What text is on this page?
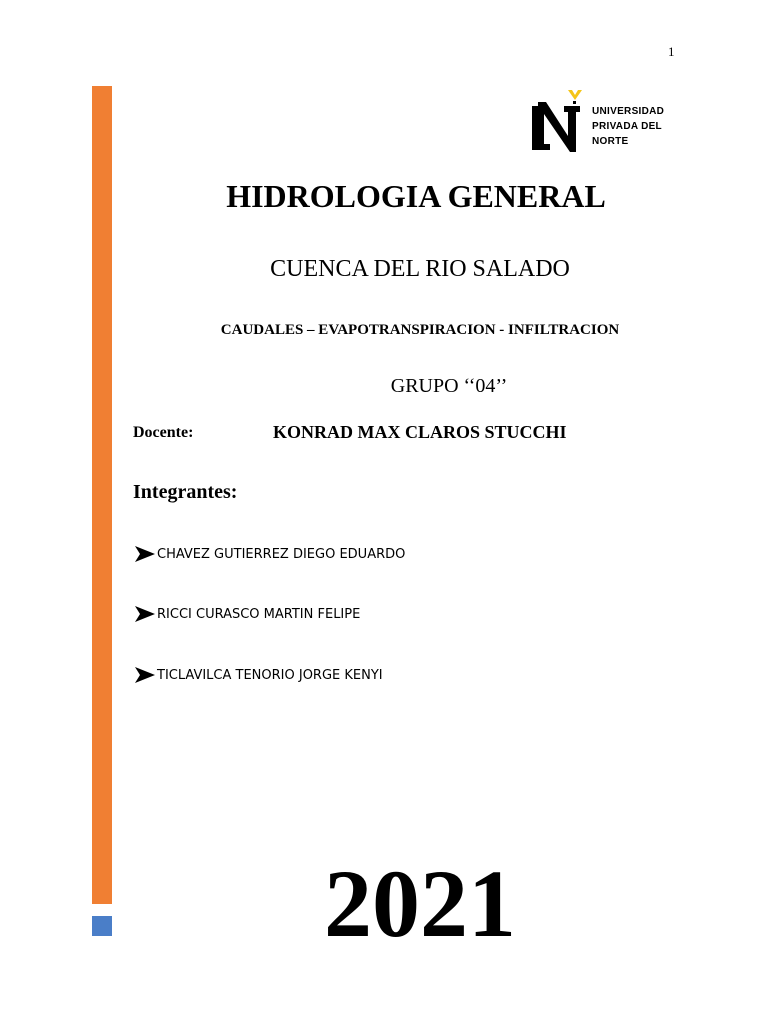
1
UNIVERSIDAD
PRIVADA DEL
NORTE
HIDROLOGIA GENERAL

CUENCA DEL RIO SALADO

CAUDALES – EVAPOTRANSPIRACION - INFILTRACION

GRUPO ‘‘04’’

Docente:	KONRAD MAX CLAROS STUCCHI
Integrantes:
CHAVEZ GUTIERREZ DIEGO EDUARDO
RICCI CURASCO MARTIN FELIPE
TICLAVILCA TENORIO JORGE KENYI
2021
